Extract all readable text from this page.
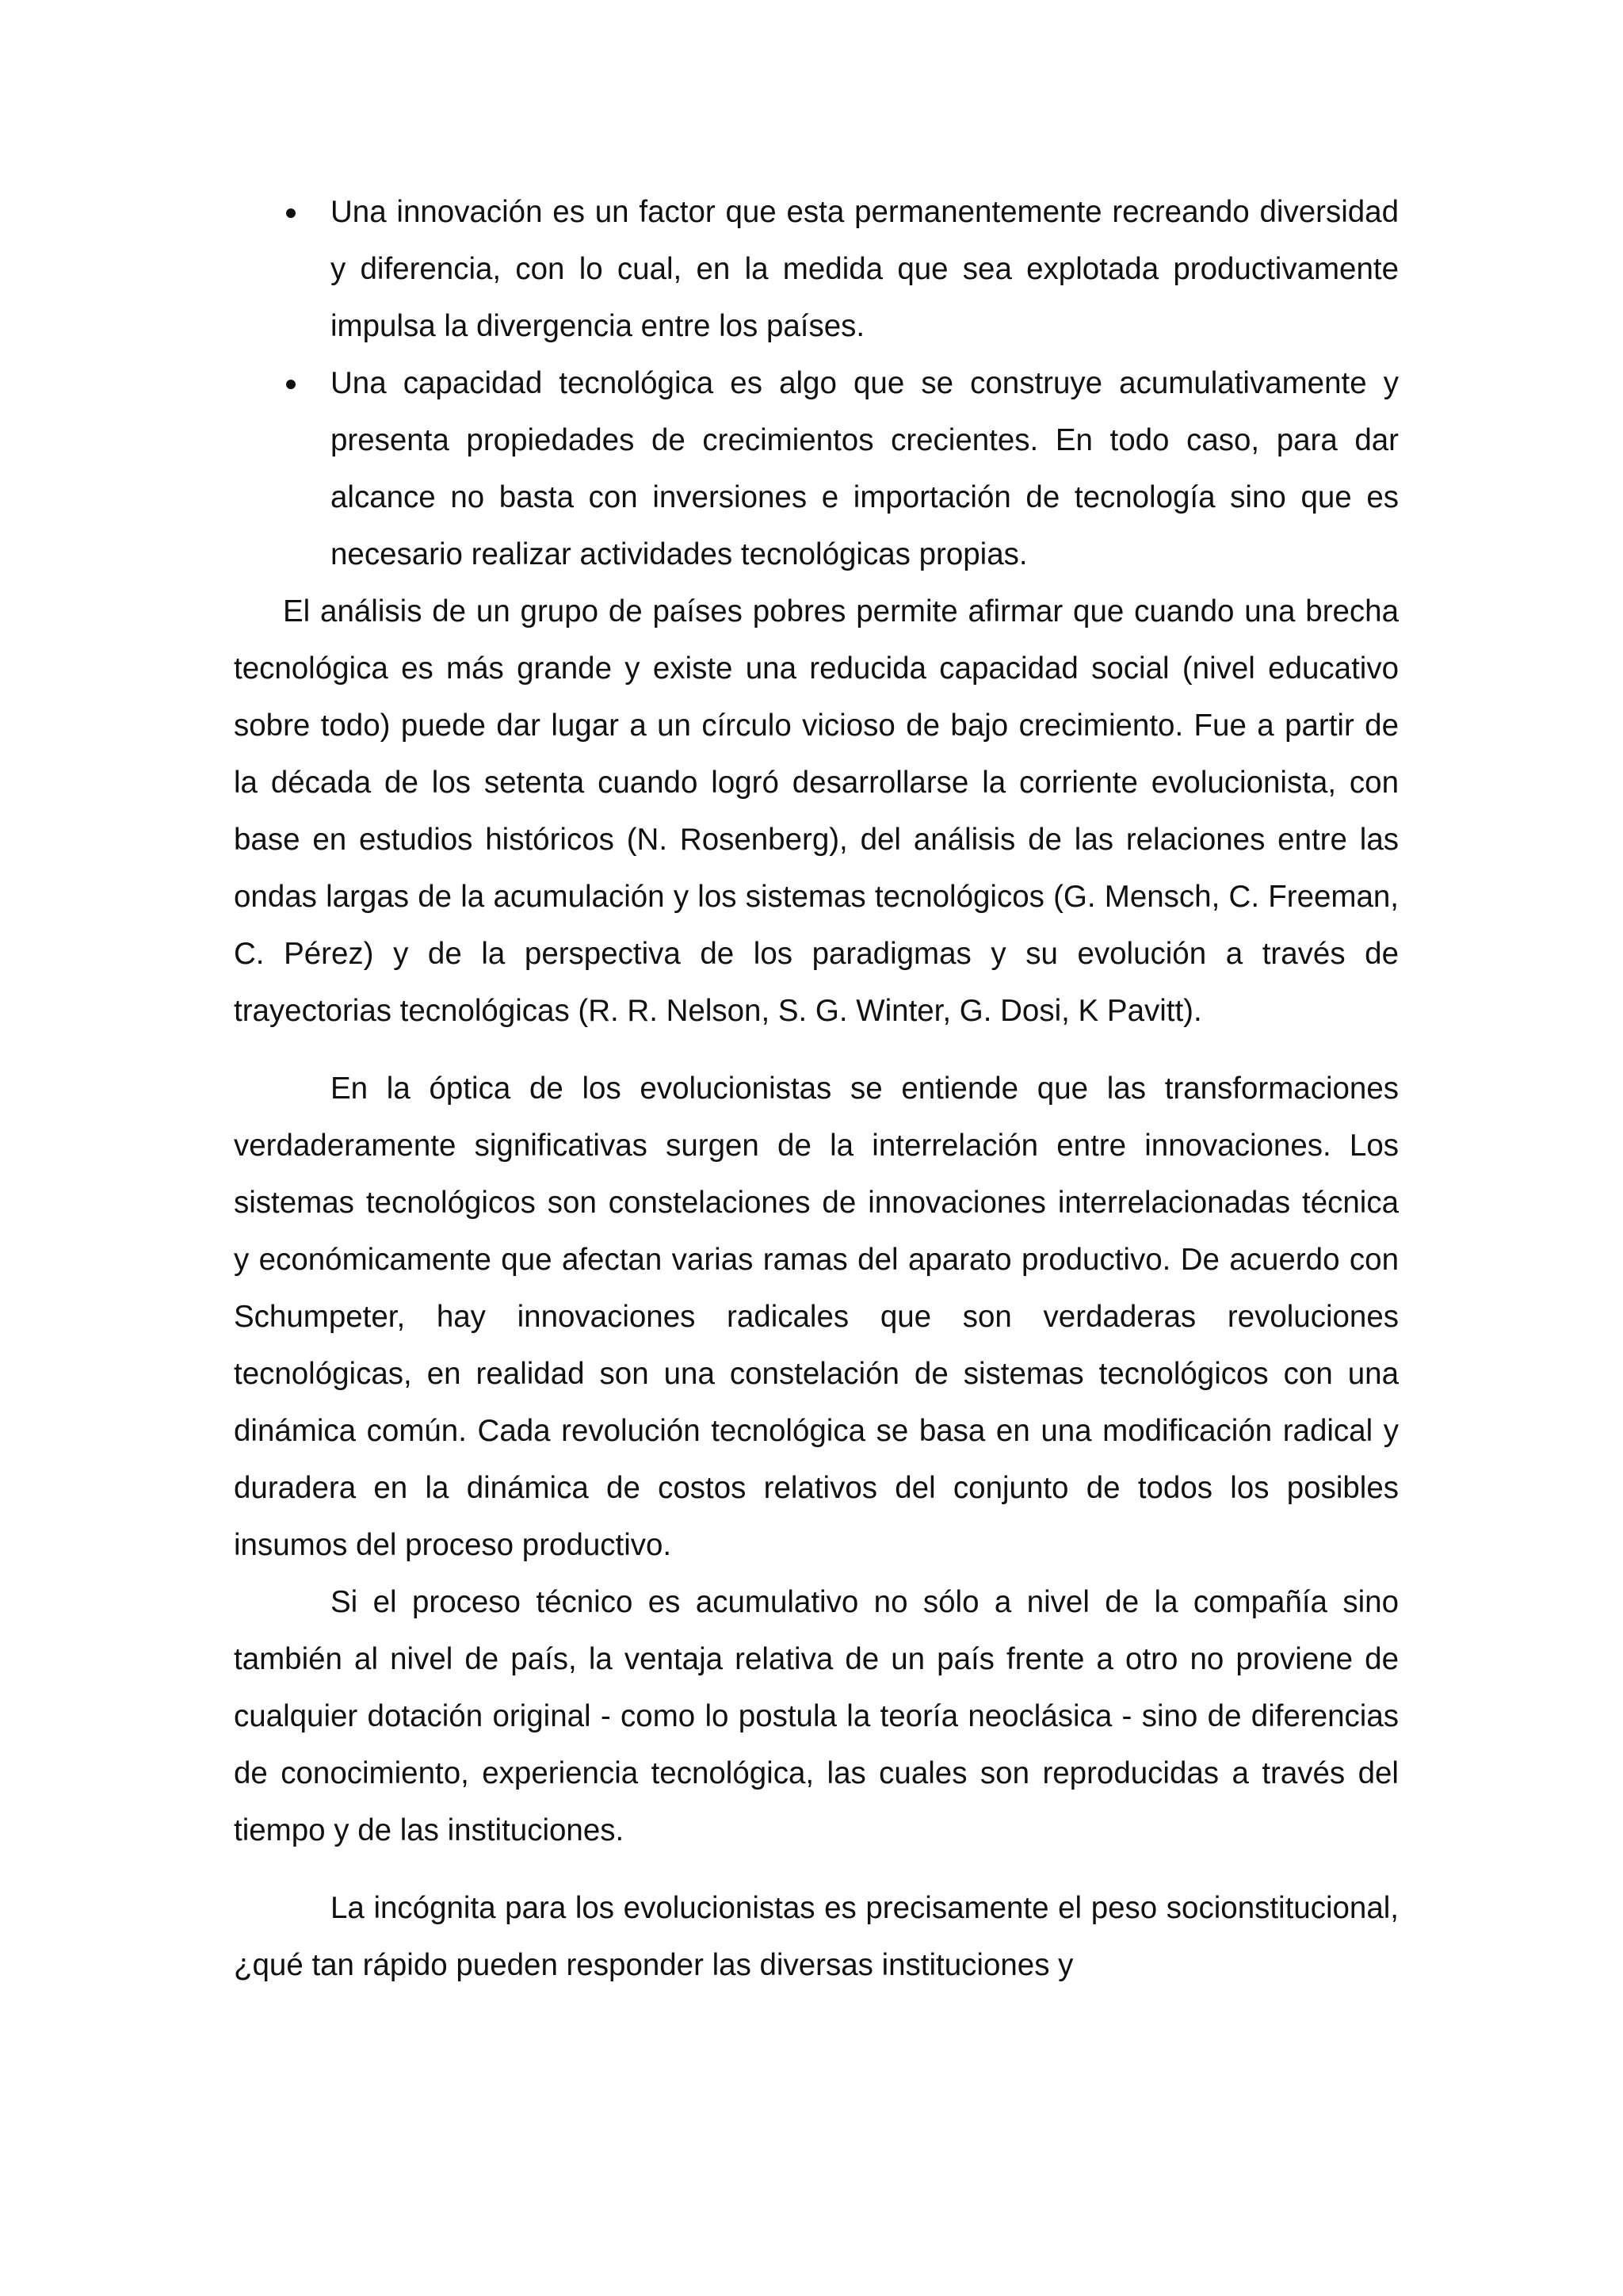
Una innovación es un factor que esta permanentemente recreando diversidad y diferencia, con lo cual, en la medida que sea explotada productivamente impulsa la divergencia entre los países.
Una capacidad tecnológica es algo que se construye acumulativamente y presenta propiedades de crecimientos crecientes. En todo caso, para dar alcance no basta con inversiones e importación de tecnología sino que es necesario realizar actividades tecnológicas propias.

El análisis de un grupo de países pobres permite afirmar que cuando una brecha tecnológica es más grande y existe una reducida capacidad social (nivel educativo sobre todo) puede dar lugar a un círculo vicioso de bajo crecimiento. Fue a partir de la década de los setenta cuando logró desarrollarse la corriente evolucionista, con base en estudios históricos (N. Rosenberg), del análisis de las relaciones entre las ondas largas de la acumulación y los sistemas tecnológicos (G. Mensch, C. Freeman, C. Pérez) y de la perspectiva de los paradigmas y su evolución a través de trayectorias tecnológicas (R. R. Nelson, S. G. Winter, G. Dosi, K Pavitt).

En la óptica de los evolucionistas se entiende que las transformaciones verdaderamente significativas surgen de la interrelación entre innovaciones. Los sistemas tecnológicos son constelaciones de innovaciones interrelacionadas técnica y económicamente que afectan varias ramas del aparato productivo. De acuerdo con Schumpeter, hay innovaciones radicales que son verdaderas revoluciones tecnológicas, en realidad son una constelación de sistemas tecnológicos con una dinámica común. Cada revolución tecnológica se basa en una modificación radical y duradera en la dinámica de costos relativos del conjunto de todos los posibles insumos del proceso productivo.

Si el proceso técnico es acumulativo no sólo a nivel de la compañía sino también al nivel de país, la ventaja relativa de un país frente a otro no proviene de cualquier dotación original - como lo postula la teoría neoclásica - sino de diferencias de conocimiento, experiencia tecnológica, las cuales son reproducidas a través del tiempo y de las instituciones.

La incógnita para los evolucionistas es precisamente el peso socionstitucional, ¿qué tan rápido pueden responder las diversas instituciones y
